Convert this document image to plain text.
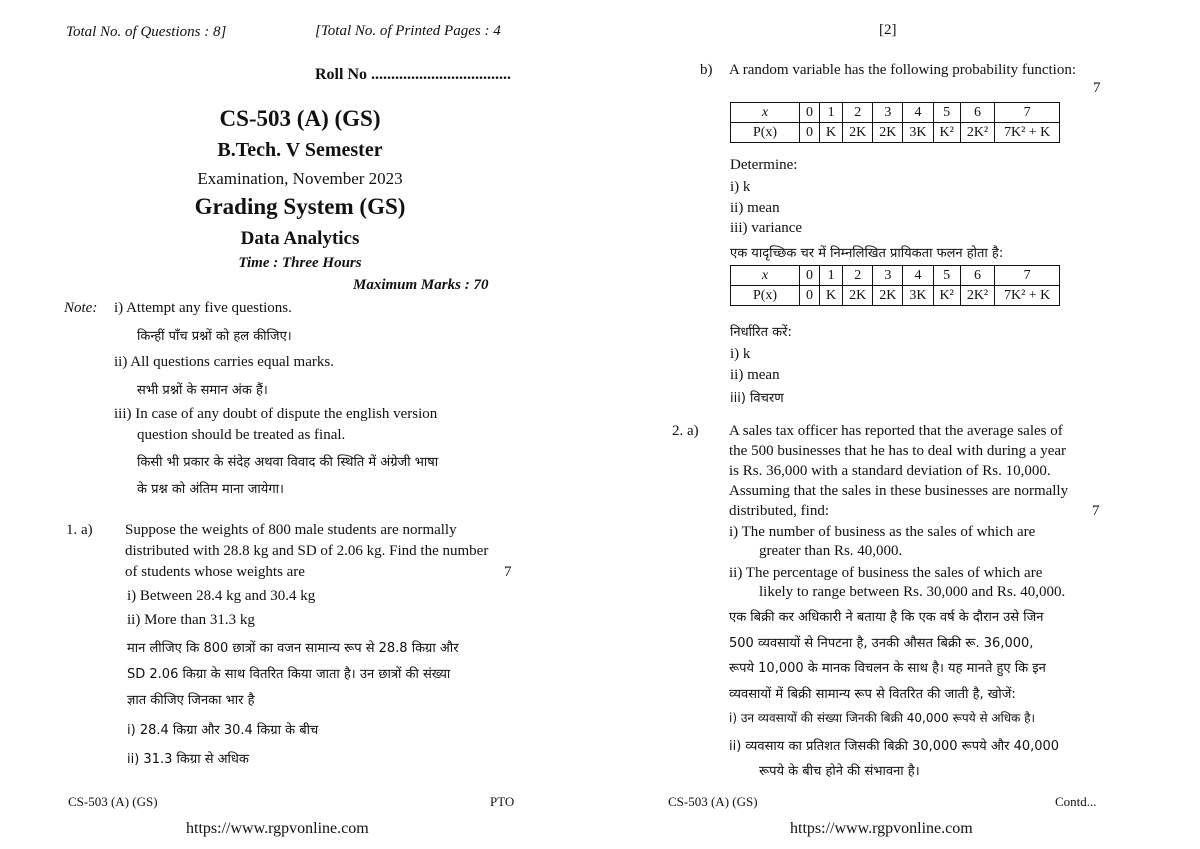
Total No. of Questions : 8]	[Total No. of Printed Pages : 4
Roll No ...................................
CS-503 (A) (GS)
B.Tech. V Semester
Examination, November 2023
Grading System (GS)
Data Analytics
Time : Three Hours
Maximum Marks : 70
Note: i) Attempt any five questions.
किन्हीं पाँच प्रश्नों को हल कीजिए।
ii) All questions carries equal marks.
सभी प्रश्नों के समान अंक हैं।
iii) In case of any doubt of dispute the english version
question should be treated as final.
किसी भी प्रकार के संदेह अथवा विवाद की स्थिति में अंग्रेजी भाषा
के प्रश्न को अंतिम माना जायेगा।
1. a) Suppose the weights of 800 male students are normally
distributed with 28.8 kg and SD of 2.06 kg. Find the number
of students whose weights are	7
i) Between 28.4 kg and 30.4 kg
ii) More than 31.3 kg
मान लीजिए कि 800 छात्रों का वजन सामान्य रूप से 28.8 किग्रा और
SD 2.06 किग्रा के साथ वितरित किया जाता है। उन छात्रों की संख्या
ज्ञात कीजिए जिनका भार है
i) 28.4 किग्रा और 30.4 किग्रा के बीच
ii) 31.3 किग्रा से अधिक
CS-503 (A) (GS)	PTO
https://www.rgpvonline.com
[2]
b) A random variable has the following probability function:
7
x	0	1	2	3	4	5	6	7
P(x)	0	K	2K	2K	3K	K²	2K²	7K² + K
Determine:
i) k
ii) mean
iii) variance
एक यादृच्छिक चर में निम्नलिखित प्रायिकता फलन होता है:
x	0	1	2	3	4	5	6	7
P(x)	0	K	2K	2K	3K	K²	2K²	7K² + K
निर्धारित करें:
i) k
ii) mean
iii) विचरण
2. a) A sales tax officer has reported that the average sales of
the 500 businesses that he has to deal with during a year
is Rs. 36,000 with a standard deviation of Rs. 10,000.
Assuming that the sales in these businesses are normally
distributed, find:	7
i) The number of business as the sales of which are
greater than Rs. 40,000.
ii) The percentage of business the sales of which are
likely to range between Rs. 30,000 and Rs. 40,000.
एक बिक्री कर अधिकारी ने बताया है कि एक वर्ष के दौरान उसे जिन
500 व्यवसायों से निपटना है, उनकी औसत बिक्री रू. 36,000,
रूपये 10,000 के मानक विचलन के साथ है। यह मानते हुए कि इन
व्यवसायों में बिक्री सामान्य रूप से वितरित की जाती है, खोजें:
i) उन व्यवसायों की संख्या जिनकी बिक्री 40,000 रूपये से अधिक है।
ii) व्यवसाय का प्रतिशत जिसकी बिक्री 30,000 रूपये और 40,000
रूपये के बीच होने की संभावना है।
CS-503 (A) (GS)	Contd...
https://www.rgpvonline.com
